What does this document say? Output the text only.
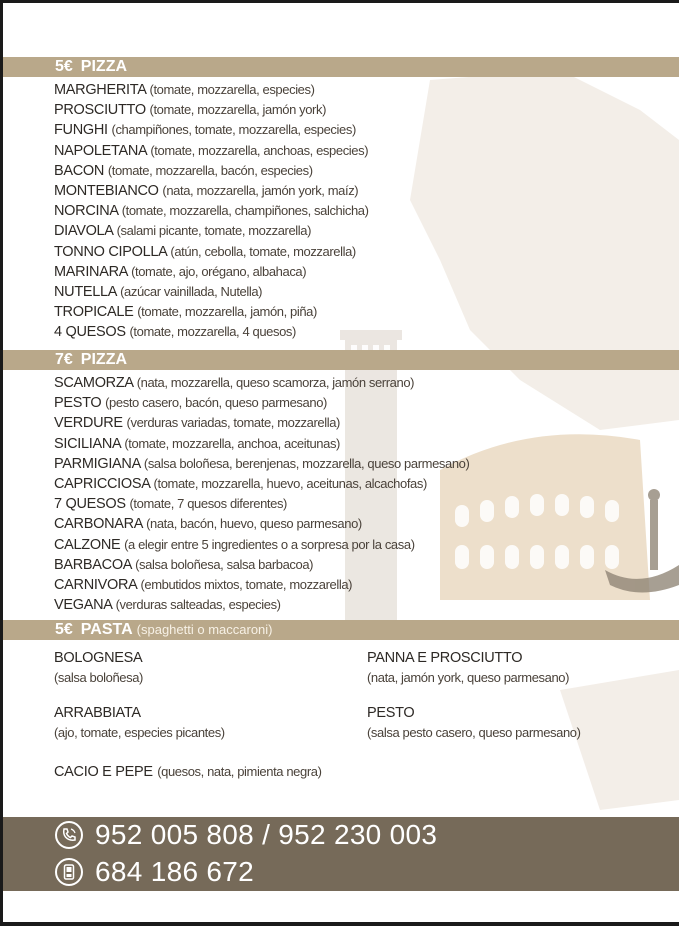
5€ PIZZA
MARGHERITA (tomate, mozzarella, especies)
PROSCIUTTO (tomate, mozzarella, jamón york)
FUNGHI (champiñones, tomate, mozzarella, especies)
NAPOLETANA (tomate, mozzarella, anchoas, especies)
BACON (tomate, mozzarella, bacón, especies)
MONTEBIANCO (nata, mozzarella, jamón york, maíz)
NORCINA (tomate, mozzarella, champiñones, salchicha)
DIAVOLA (salami picante, tomate, mozzarella)
TONNO CIPOLLA (atún, cebolla, tomate, mozzarella)
MARINARA (tomate, ajo, orégano, albahaca)
NUTELLA (azúcar vainillada, Nutella)
TROPICALE (tomate, mozzarella, jamón, piña)
4 QUESOS (tomate, mozzarella, 4 quesos)
7€ PIZZA
SCAMORZA (nata, mozzarella, queso scamorza, jamón serrano)
PESTO (pesto casero, bacón, queso parmesano)
VERDURE (verduras variadas, tomate, mozzarella)
SICILIANA (tomate, mozzarella, anchoa, aceitunas)
PARMIGIANA (salsa boloñesa, berenjenas, mozzarella, queso parmesano)
CAPRICCIOSA (tomate, mozzarella, huevo, aceitunas, alcachofas)
7 QUESOS (tomate, 7 quesos diferentes)
CARBONARA (nata, bacón, huevo, queso parmesano)
CALZONE (a elegir entre 5 ingredientes o a sorpresa por la casa)
BARBACOA (salsa boloñesa, salsa barbacoa)
CARNIVORA (embutidos mixtos, tomate, mozzarella)
VEGANA (verduras salteadas, especies)
5€ PASTA (spaghetti o maccaroni)
BOLOGNESA
(salsa boloñesa)
PANNA E PROSCIUTTO
(nata, jamón york, queso parmesano)
ARRABBIATA
(ajo, tomate, especies picantes)
PESTO
(salsa pesto casero, queso parmesano)
CACIO E PEPE (quesos, nata, pimienta negra)
952 005 808 / 952 230 003
684 186 672
